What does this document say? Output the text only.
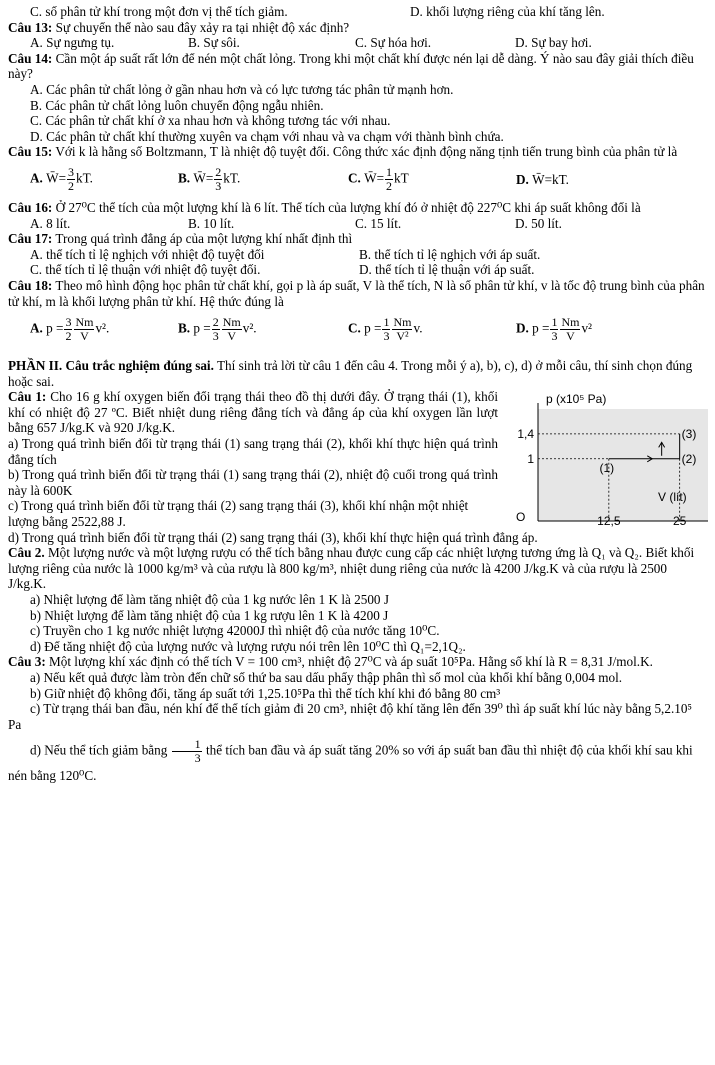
C. số phân tử khí trong một đơn vị thể tích giảm.	D. khối lượng riêng của khí tăng lên.

Câu 13: Sự chuyển thể nào sau đây xảy ra tại nhiệt độ xác định?

A. Sự ngưng tụ.	B. Sự sôi.	C. Sự hóa hơi.	D. Sự bay hơi.

Câu 14: Cần một áp suất rất lớn để nén một chất lỏng. Trong khi một chất khí được nén lại dễ dàng. Ý nào sau đây giải thích điều này?

A. Các phân tử chất lỏng ở gần nhau hơn và có lực tương tác phân tử mạnh hơn.

B. Các phân tử chất lỏng luôn chuyển động ngẫu nhiên.

C. Các phân tử chất khí ở xa nhau hơn và không tương tác với nhau.

D. Các phân tử chất khí thường xuyên va chạm với nhau và va chạm với thành bình chứa.

Câu 15: Với k là hằng số Boltzmann, T là nhiệt độ tuyệt đối. Công thức xác định động năng tịnh tiến trung bình của phân tử là

A. W̄= $\frac{3}{2}$ kT.	B. W̄= $\frac{2}{3}$ kT.	C. W̄= $\frac{1}{2}$ kT	D. W̄=kT.

Câu 16: Ở 27⁰C thể tích của một lượng khí là 6 lít. Thể tích của lượng khí đó ở nhiệt độ 227⁰C khi áp suất không đổi là

A. 8 lít.	B. 10 lít.	C. 15 lít.	D. 50 lít.

Câu 17: Trong quá trình đẳng áp của một lượng khí nhất định thì

A. thể tích tỉ lệ nghịch với nhiệt độ tuyệt đối	B. thể tích tỉ lệ nghịch với áp suất.
C. thể tích tỉ lệ thuận với nhiệt độ tuyệt đối.	D. thể tích tỉ lệ thuận với áp suất.

Câu 18: Theo mô hình động học phân tử chất khí, gọi p là áp suất, V là thể tích, N là số phân tử khí, v là tốc độ trung bình của phân tử khí, m là khối lượng phân tử khí. Hệ thức đúng là

A. $p = \frac{3}{2} \frac{Nm}{V} v^2$.	B. $p = \frac{2}{3} \frac{Nm}{V} v^2$.	C. $p = \frac{1}{3} \frac{Nm}{\text{V²}} v$.	D. $p = \frac{1}{3} \frac{Nm}{V} v^2$

PHẦN II. Câu trắc nghiệm đúng sai. Thí sinh trả lời từ câu 1 đến câu 4. Trong mỗi ý a), b), c), d) ở mỗi câu, thí sinh chọn đúng hoặc sai.

Câu 1: Cho 16 g khí oxygen biến đổi trạng thái theo đồ thị dưới đây. Ở trạng thái (1), khối khí có nhiệt độ 27 ºC. Biết nhiệt dung riêng đẳng tích và đẳng áp của khí oxygen lần lượt bằng 657 J/kg.K và 920 J/kg.K.

a) Trong quá trình biến đổi từ trạng thái (1) sang trạng thái (2), khối khí thực hiện quá trình đẳng tích

b) Trong quá trình biến đổi từ trạng thái (1) sang trạng thái (2), nhiệt độ cuối trong quá trình này là 600K

c) Trong quá trình biến đổi từ trạng thái (2) sang trạng thái (3), khối khí nhận một nhiệt lượng bằng 2522,88 J.

d) Trong quá trình biến đổi từ trạng thái (2) sang trạng thái (3), khối khí thực hiện quá trình đẳng áp.

p (x10⁵ Pa)
V (lít)
O
1,4
1
12,5	25
(1)
(2)
(3)

Câu 2. Một lượng nước và một lượng rượu có thể tích bằng nhau được cung cấp các nhiệt lượng tương ứng là Q₁ và Q₂. Biết khối lượng riêng của nước là 1000 kg/m³ và của rượu là 800 kg/m³, nhiệt dung riêng của nước là 4200 J/kg.K và của rượu là 2500 J/kg.K.

a) Nhiệt lượng để làm tăng nhiệt độ của 1 kg nước lên 1 K là 2500 J

b) Nhiệt lượng để làm tăng nhiệt độ của 1 kg rượu lên 1 K là 4200 J

c) Truyền cho 1 kg nước nhiệt lượng 42000J thì nhiệt độ của nước tăng 10⁰C.

d) Để tăng nhiệt độ của lượng nước và lượng rượu nói trên lên 10⁰C thì Q₁=2,1Q₂.

Câu 3: Một lượng khí xác định có thể tích V = 100 cm³, nhiệt độ 27⁰C và áp suất 10⁵Pa. Hằng số khí là R = 8,31 J/mol.K.

a) Nếu kết quả được làm tròn đến chữ số thứ ba sau dấu phẩy thập phân thì số mol của khối khí bằng 0,004 mol.

b) Giữ nhiệt độ không đổi, tăng áp suất tới 1,25.10⁵Pa thì thể tích khí khi đó bằng 80 cm³

c) Từ trạng thái ban đầu, nén khí để thể tích giảm đi 20 cm³, nhiệt độ khí tăng lên đến 39⁰ thì áp suất khí lúc này bằng 5,2.10⁵ Pa

d) Nếu thể tích giảm bằng $\frac{1}{3}$ thể tích ban đầu và áp suất tăng 20% so với áp suất ban đầu thì nhiệt độ của khối khí sau khi nén bằng 120⁰C.
